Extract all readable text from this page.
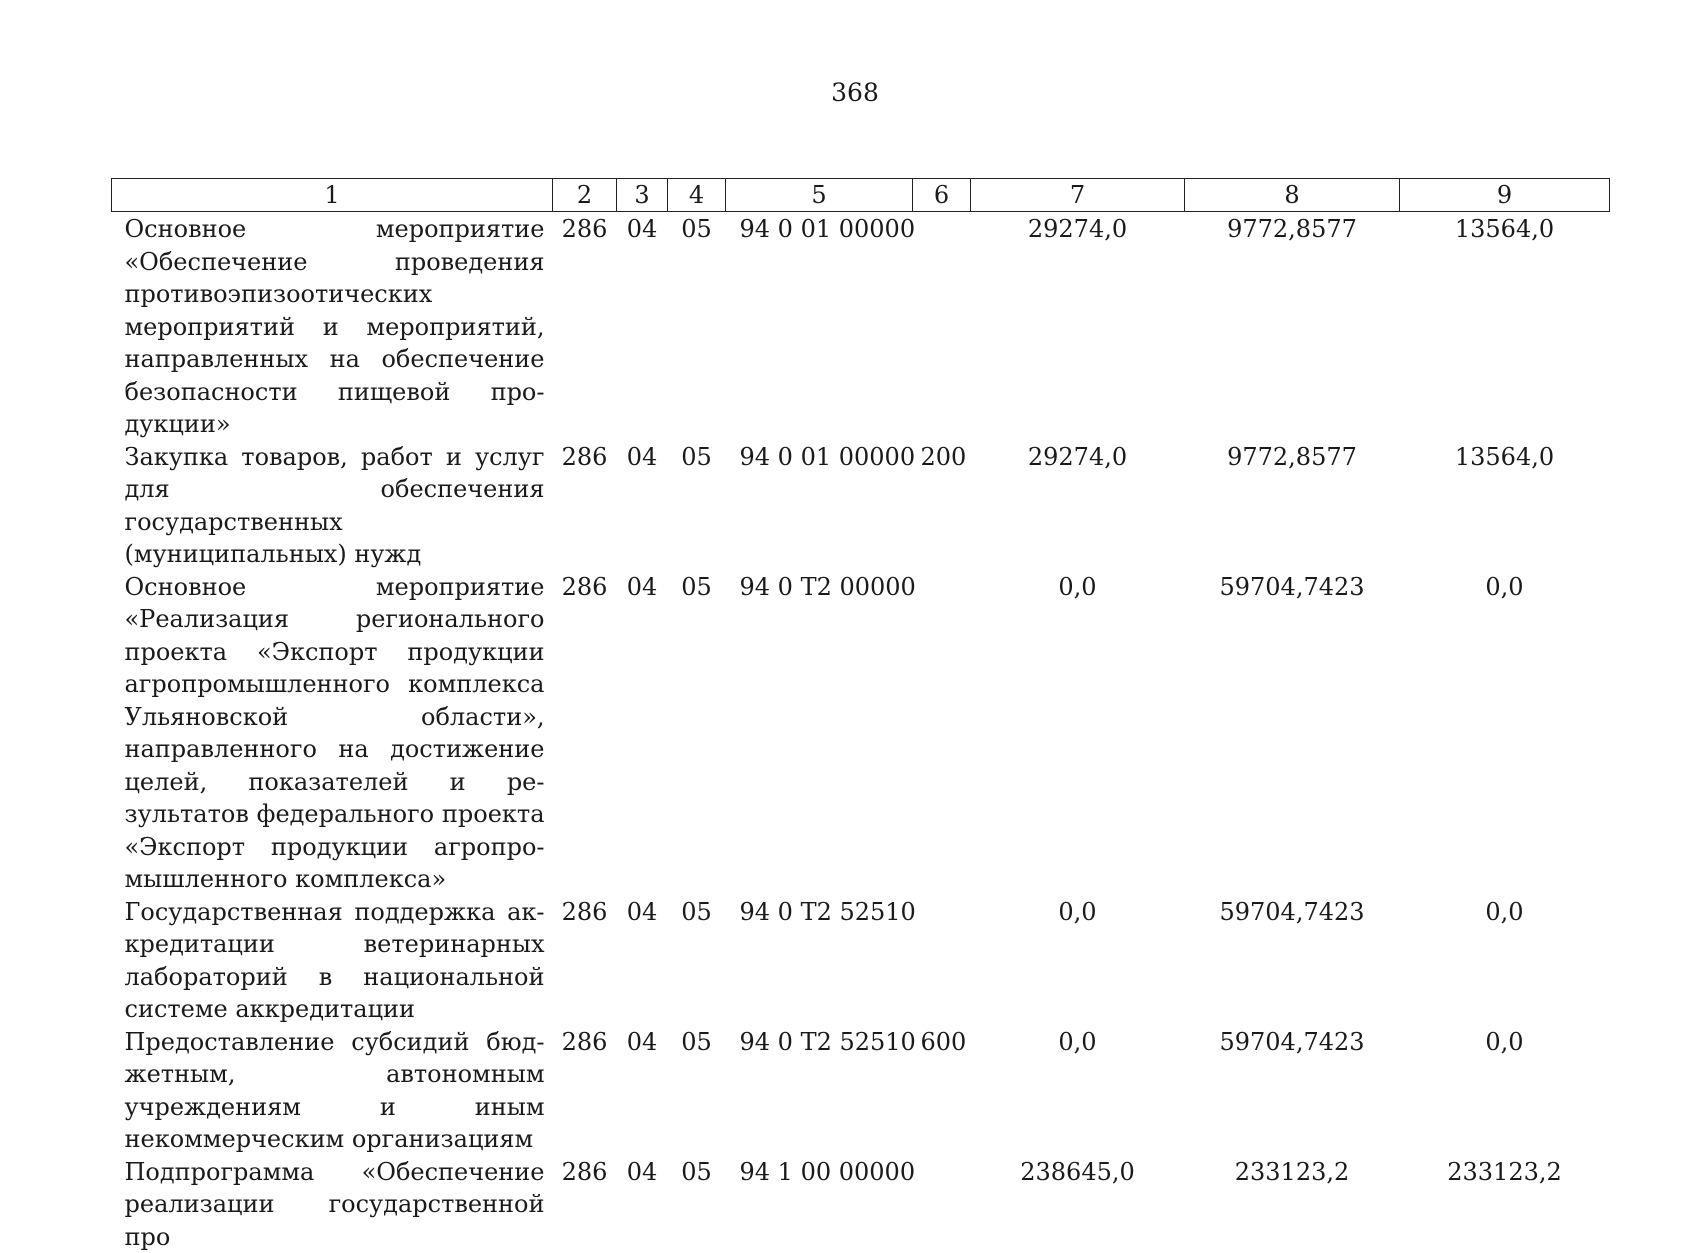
368
1	2	3	4	5	6	7	8	9
Основное мероприятие «Обеспечение проведения противоэпизоотических мероприятий и мероприятий, направленных на обеспечение безопасности пищевой продукции»	286	04	05	94 0 01 00000		29274,0	9772,8577	13564,0
Закупка товаров, работ и услуг для обеспечения государственных (муниципальных) нужд	286	04	05	94 0 01 00000	200	29274,0	9772,8577	13564,0
Основное мероприятие «Реализация регионального проекта «Экспорт продукции агропромышленного комплекса Ульяновской области», направленного на достижение целей, показателей и результатов федерального проекта «Экспорт продукции агропромышленного комплекса»	286	04	05	94 0 T2 00000		0,0	59704,7423	0,0
Государственная поддержка аккредитации ветеринарных лабораторий в национальной системе аккредитации	286	04	05	94 0 T2 52510		0,0	59704,7423	0,0
Предоставление субсидий бюджетным, автономным учреждениям и иным некоммерческим организациям	286	04	05	94 0 T2 52510	600	0,0	59704,7423	0,0
Подпрограмма «Обеспечение реализации государственной про	286	04	05	94 1 00 00000		238645,0	233123,2	233123,2
